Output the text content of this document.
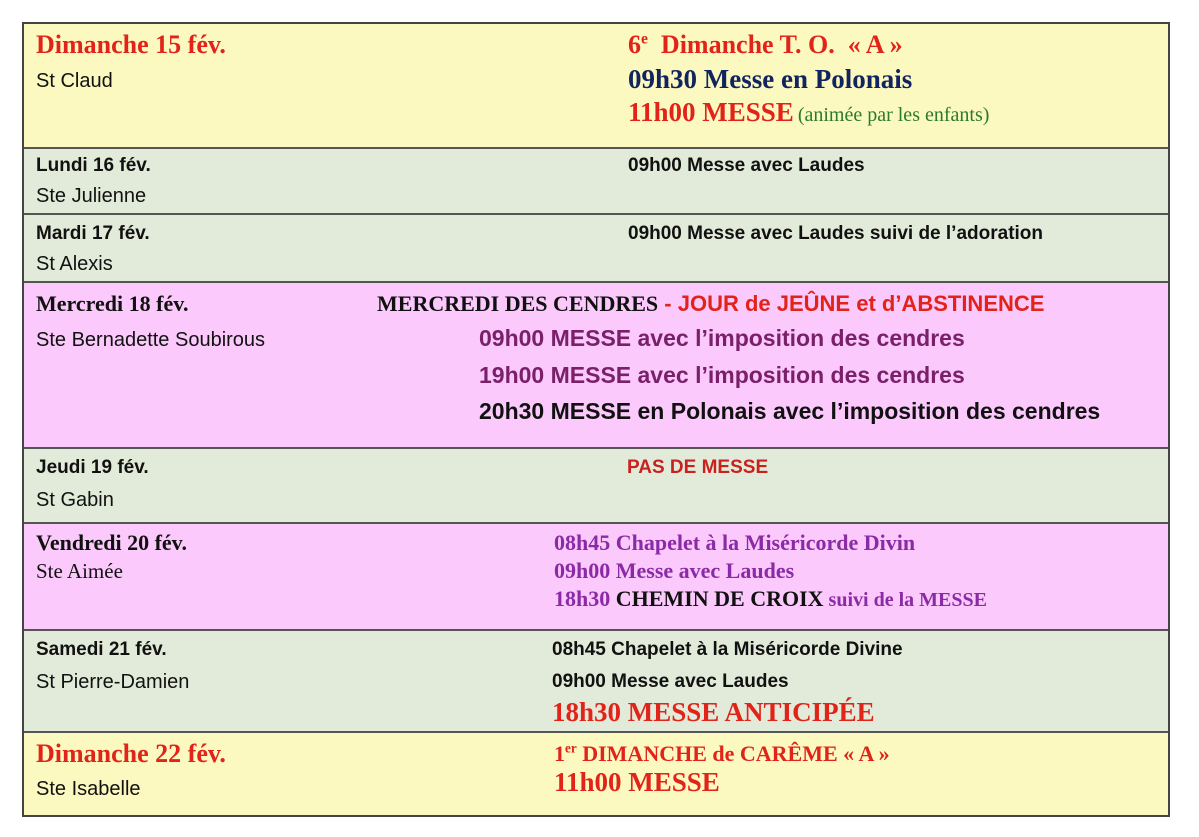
Dimanche 15 fév.
St Claud
6e  Dimanche T. O.  « A »
09h30 Messe en Polonais
11h00 MESSE (animée par les enfants)
Lundi 16 fév.
Ste Julienne
09h00 Messe avec Laudes
Mardi 17 fév.
St Alexis
09h00 Messe avec Laudes suivi de l’adoration
Mercredi 18 fév.
Ste Bernadette Soubirous
MERCREDI DES CENDRES - JOUR de JEÛNE et d’ABSTINENCE
09h00 MESSE avec l’imposition des cendres
19h00 MESSE avec l’imposition des cendres
20h30 MESSE en Polonais avec l’imposition des cendres
Jeudi 19 fév.
St Gabin
PAS DE MESSE
Vendredi 20 fév.
Ste Aimée
08h45 Chapelet à la Miséricorde Divin
09h00 Messe avec Laudes
18h30 CHEMIN DE CROIX suivi de la MESSE
Samedi 21 fév.
St Pierre-Damien
08h45 Chapelet à la Miséricorde Divine
09h00 Messe avec Laudes
18h30 MESSE ANTICIPÉE
Dimanche 22 fév.
Ste Isabelle
1er DIMANCHE de CARÊME « A »
11h00 MESSE
